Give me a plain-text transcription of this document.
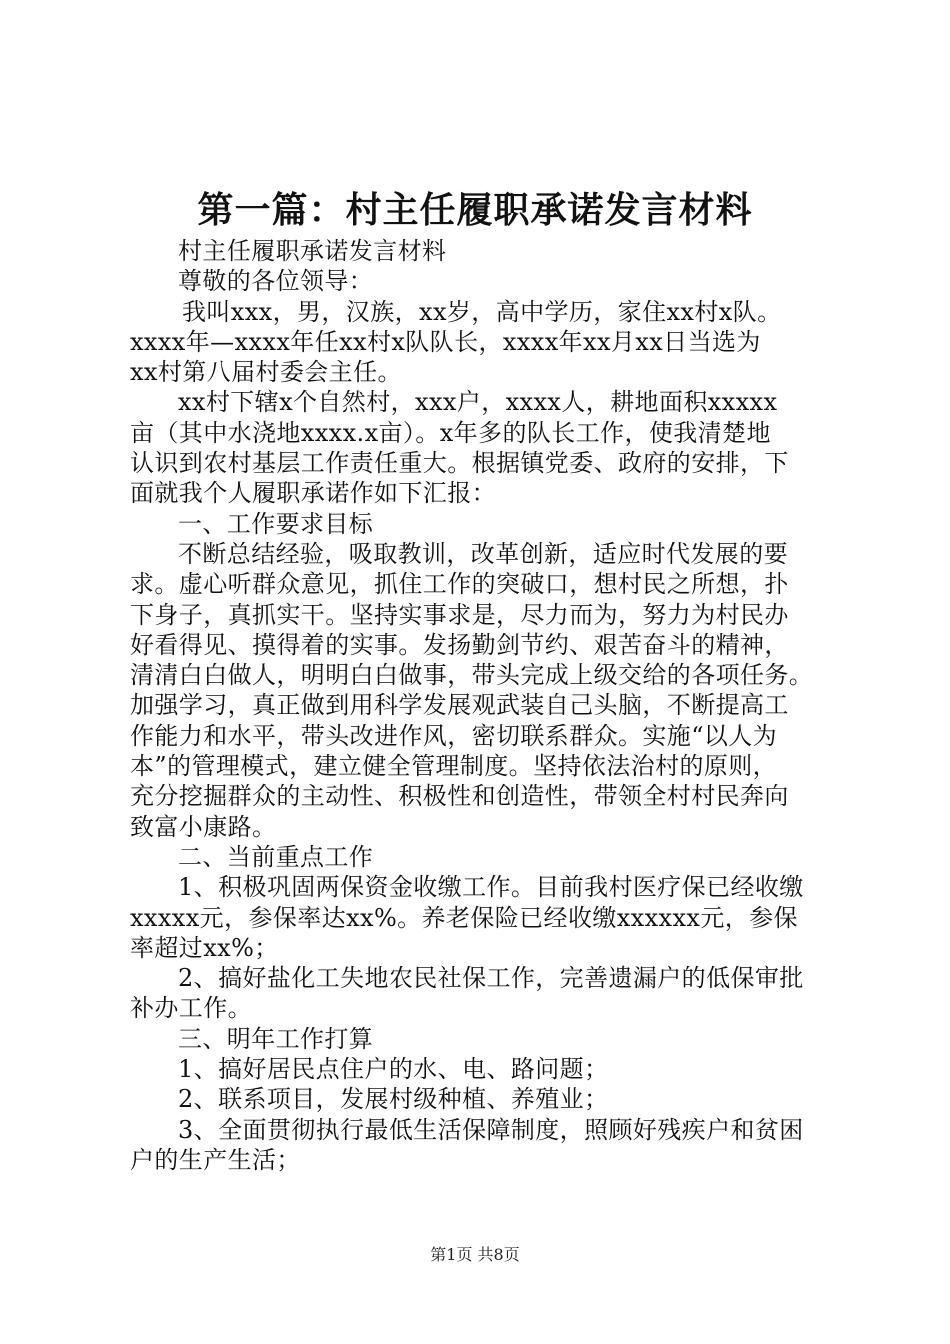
第一篇：村主任履职承诺发言材料
村主任履职承诺发言材料
尊敬的各位领导：
我叫xxx，男，汉族，xx岁，高中学历，家住xx村x队。
xxxx年—xxxx年任xx村x队队长，xxxx年xx月xx日当选为
xx村第八届村委会主任。
xx村下辖x个自然村，xxx户，xxxx人，耕地面积xxxxx
亩（其中水浇地xxxx.x亩）。x年多的队长工作，使我清楚地
认识到农村基层工作责任重大。根据镇党委、政府的安排，下
面就我个人履职承诺作如下汇报：
一、工作要求目标
不断总结经验，吸取教训，改革创新，适应时代发展的要
求。虚心听群众意见，抓住工作的突破口，想村民之所想，扑
下身子，真抓实干。坚持实事求是，尽力而为，努力为村民办
好看得见、摸得着的实事。发扬勤剑节约、艰苦奋斗的精神，
清清白白做人，明明白白做事，带头完成上级交给的各项任务。
加强学习，真正做到用科学发展观武装自己头脑，不断提高工
作能力和水平，带头改进作风，密切联系群众。实施“以人为
本”的管理模式，建立健全管理制度。坚持依法治村的原则，
充分挖掘群众的主动性、积极性和创造性，带领全村村民奔向
致富小康路。
二、当前重点工作
1、积极巩固两保资金收缴工作。目前我村医疗保已经收缴
xxxxx元，参保率达xx%。养老保险已经收缴xxxxxx元，参保
率超过xx%；
2、搞好盐化工失地农民社保工作，完善遗漏户的低保审批
补办工作。
三、明年工作打算
1、搞好居民点住户的水、电、路问题；
2、联系项目，发展村级种植、养殖业；
3、全面贯彻执行最低生活保障制度，照顾好残疾户和贫困
户的生产生活；
第1页 共8页
